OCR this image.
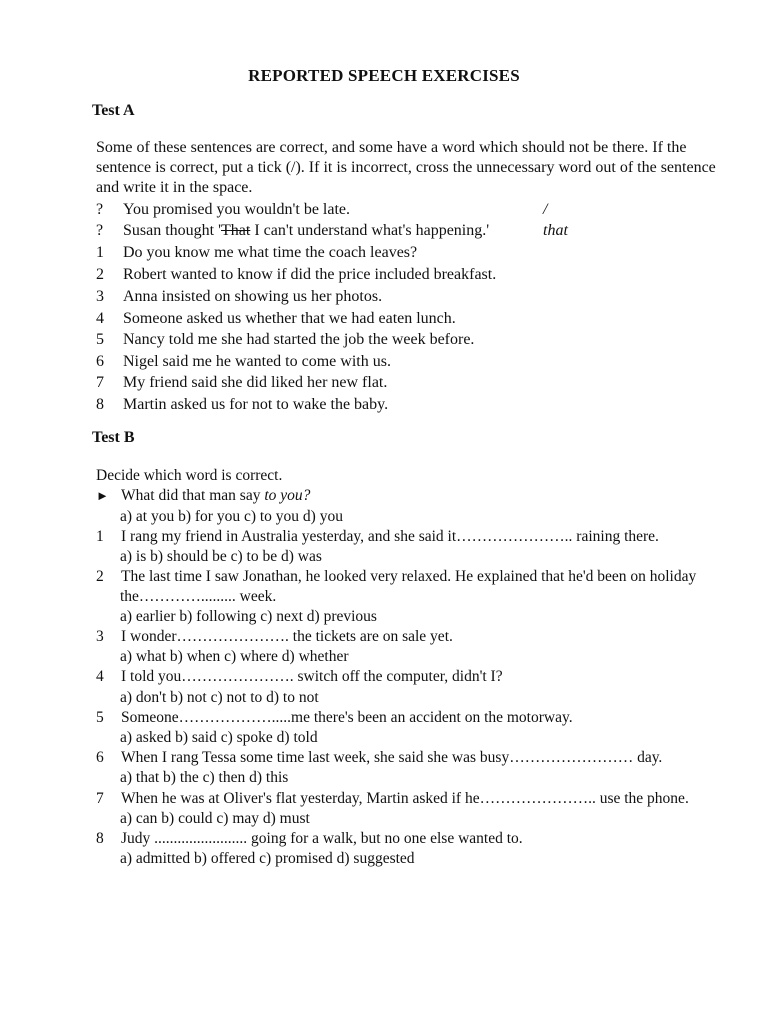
REPORTED SPEECH EXERCISES
Test A
Some of these sentences are correct, and some have a word which should not be there. If the sentence is correct, put a tick (/). If it is incorrect, cross the unnecessary word out of the sentence and write it in the space.
? You promised you wouldn't be late.	/
? Susan thought 'That I can't understand what's happening.'	that
1 Do you know me what time the coach leaves?
2 Robert wanted to know if did the price included breakfast.
3 Anna insisted on showing us her photos.
4 Someone asked us whether that we had eaten lunch.
5 Nancy told me she had started the job the week before.
6 Nigel said me he wanted to come with us.
7 My friend said she did liked her new flat.
8 Martin asked us for not to wake the baby.
Test B
Decide which word is correct.
► What did that man say to you?
a) at you b) for you c) to you d) you
1 I rang my friend in Australia yesterday, and she said it………………….. raining there.
a) is b) should be c) to be d) was
2 The last time I saw Jonathan, he looked very relaxed. He explained that he'd been on holiday
the…………......... week.
a) earlier b) following c) next d) previous
3 I wonder…………………. the tickets are on sale yet.
a) what b) when c) where d) whether
4 I told you…………………. switch off the computer, didn't I?
a) don't b) not c) not to d) to not
5 Someone……………….....me there's been an accident on the motorway.
a) asked b) said c) spoke d) told
6 When I rang Tessa some time last week, she said she was busy…………………… day.
a) that b) the c) then d) this
7 When he was at Oliver's flat yesterday, Martin asked if he………………….. use the phone.
a) can b) could c) may d) must
8 Judy ........................ going for a walk, but no one else wanted to.
a) admitted b) offered c) promised d) suggested
